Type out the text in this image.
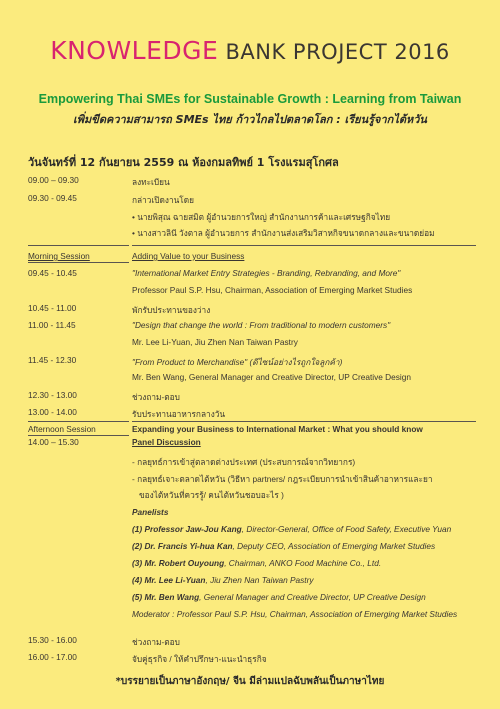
KNOWLEDGE BANK PROJECT 2016
Empowering Thai SMEs for Sustainable Growth : Learning from Taiwan
เพิ่มขีดความสามารถ SMEs ไทย ก้าวไกลไปตลาดโลก : เรียนรู้จากไต้หวัน
วันจันทร์ที่ 12 กันยายน 2559 ณ ห้องกมลทิพย์ 1 โรงแรมสุโกศล
09.00 – 09.30	ลงทะเบียน
09.30 - 09.45	กล่าวเปิดงานโดย
• นายพิสุณ ฉายสมิต ผู้อำนวยการใหญ่ สำนักงานการค้าและเศรษฐกิจไทย
• นางสาวลินี วังตาล ผู้อำนวยการ สำนักงานส่งเสริมวิสาหกิจขนาดกลางและขนาดย่อม
Morning Session	Adding Value to your Business
09.45 - 10.45	"International Market Entry Strategies - Branding, Rebranding, and More"
Professor Paul S.P. Hsu, Chairman, Association of Emerging Market Studies
10.45 - 11.00	พักรับประทานของว่าง
11.00 - 11.45	"Design that change the world : From traditional to modern customers"
Mr. Lee Li-Yuan, Jiu Zhen Nan Taiwan Pastry
11.45 - 12.30	"From Product to Merchandise" (ดีไซน์อย่างไรถูกใจลูกค้า)
Mr. Ben Wang, General Manager and Creative Director, UP Creative Design
12.30 - 13.00	ช่วงถาม-ตอบ
13.00 - 14.00	รับประทานอาหารกลางวัน
Afternoon Session	Expanding your Business to International Market : What you should know
14.00 – 15.30	Panel Discussion
- กลยุทธ์การเข้าสู่ตลาดต่างประเทศ (ประสบการณ์จากวิทยากร)
- กลยุทธ์เจาะตลาดไต้หวัน (วิธีหา partners/ กฎระเบียบการนำเข้าสินค้าอาหารและยา
ของไต้หวันที่ควรรู้/ คนไต้หวันชอบอะไร )
Panelists
(1) Professor Jaw-Jou Kang, Director-General, Office of Food Safety, Executive Yuan
(2) Dr. Francis Yi-hua Kan, Deputy CEO, Association of Emerging Market Studies
(3) Mr. Robert Ouyoung, Chairman, ANKO Food Machine Co., Ltd.
(4) Mr. Lee Li-Yuan, Jiu Zhen Nan Taiwan Pastry
(5) Mr. Ben Wang, General Manager and Creative Director, UP Creative Design
Moderator : Professor Paul S.P. Hsu, Chairman, Association of Emerging Market Studies
15.30 - 16.00	ช่วงถาม-ตอบ
16.00 - 17.00	จับคู่ธุรกิจ / ให้คำปรึกษา-แนะนำธุรกิจ
*บรรยายเป็นภาษาอังกฤษ/ จีน มีล่ามแปลฉับพลันเป็นภาษาไทย
